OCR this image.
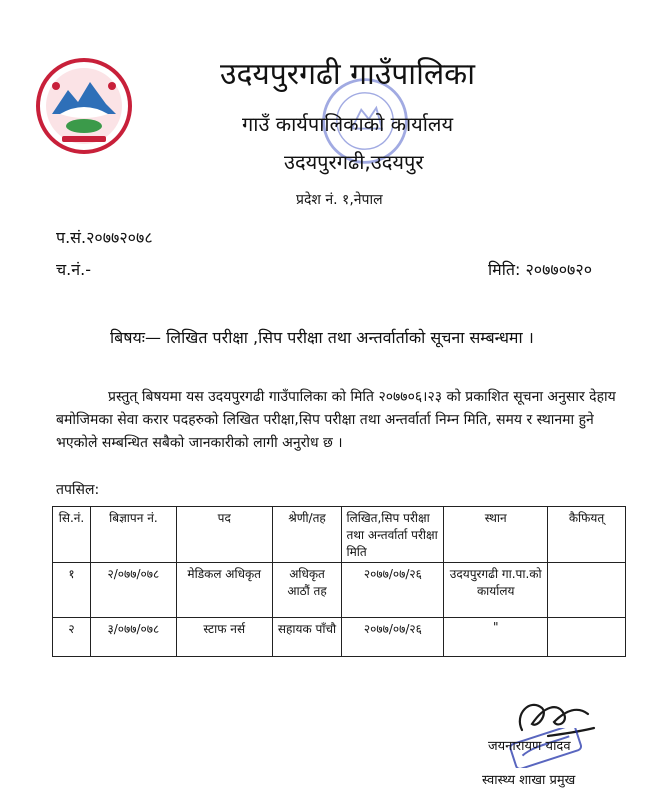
उदयपुरगढी गाउँपालिका
गाउँ कार्यपालिकाको कार्यालय
उदयपुरगढी,उदयपुर
प्रदेश नं. १,नेपाल
प.सं.२०७७२०७८
च.नं.-	मिति: २०७७०७२०
बिषयः— लिखित परीक्षा ,सिप परीक्षा तथा अन्तर्वार्ताको सूचना सम्बन्धमा ।
प्रस्तुत् बिषयमा यस उदयपुरगढी गाउँपालिका को मिति २०७७०६।२३ को प्रकाशित सूचना अनुसार देहाय बमोजिमका सेवा करार पदहरुको लिखित परीक्षा,सिप परीक्षा तथा अन्तर्वार्ता निम्न मिति, समय र स्थानमा हुने भएकोले सम्बन्धित सबैको जानकारीको लागी अनुरोध छ ।
तपसिल:
सि.नं.	बिज्ञापन नं.	पद	श्रेणी/तह	लिखित,सिप परीक्षा तथा अन्तर्वार्ता परीक्षा मिति	स्थान	कैफियत्
१	२/०७७/०७८	मेडिकल अधिकृत	अधिकृत आठौं तह	२०७७/०७/२६	उदयपुरगढी गा.पा.को कार्यालय	
२	३/०७७/०७८	स्टाफ नर्स	सहायक पाँचौ	२०७७/०७/२६	"	
जयनारायण यादव
स्वास्थ्य शाखा प्रमुख
